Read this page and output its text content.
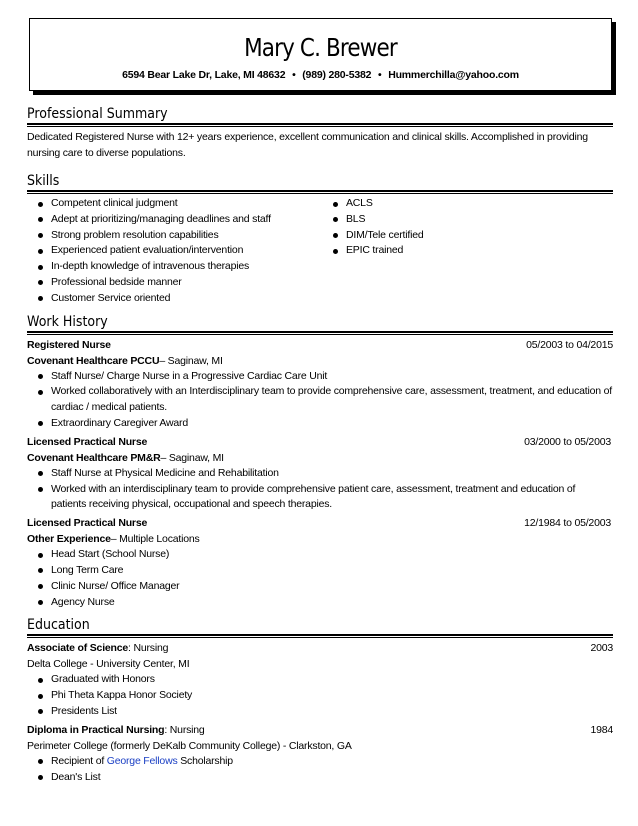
Mary C. Brewer
6594 Bear Lake Dr, Lake, MI 48632 • (989) 280-5382 • Hummerchilla@yahoo.com
Professional Summary
Dedicated Registered Nurse with 12+ years experience, excellent communication and clinical skills. Accomplished in providing nursing care to diverse populations.
Skills
Competent clinical judgment
Adept at prioritizing/managing deadlines and staff
Strong problem resolution capabilities
Experienced patient evaluation/intervention
In-depth knowledge of intravenous therapies
Professional bedside manner
Customer Service oriented
ACLS
BLS
DIM/Tele certified
EPIC trained
Work History
Registered Nurse	05/2003 to 04/2015
Covenant Healthcare PCCU – Saginaw, MI
Staff Nurse/ Charge Nurse in a Progressive Cardiac Care Unit
Worked collaboratively with an Interdisciplinary team to provide comprehensive care, assessment, treatment, and education of cardiac / medical patients.
Extraordinary Caregiver Award
Licensed Practical Nurse	03/2000 to 05/2003
Covenant Healthcare PM&R – Saginaw, MI
Staff Nurse at Physical Medicine and Rehabilitation
Worked with an interdisciplinary team to provide comprehensive patient care, assessment, treatment and education of patients receiving physical, occupational and speech therapies.
Licensed Practical Nurse	12/1984 to 05/2003
Other Experience – Multiple Locations
Head Start (School Nurse)
Long Term Care
Clinic Nurse/ Office Manager
Agency Nurse
Education
Associate of Science: Nursing	2003
Delta College - University Center, MI
Graduated with Honors
Phi Theta Kappa Honor Society
Presidents List
Diploma in Practical Nursing: Nursing	1984
Perimeter College (formerly DeKalb Community College) - Clarkston, GA
Recipient of George Fellows Scholarship
Dean's List
